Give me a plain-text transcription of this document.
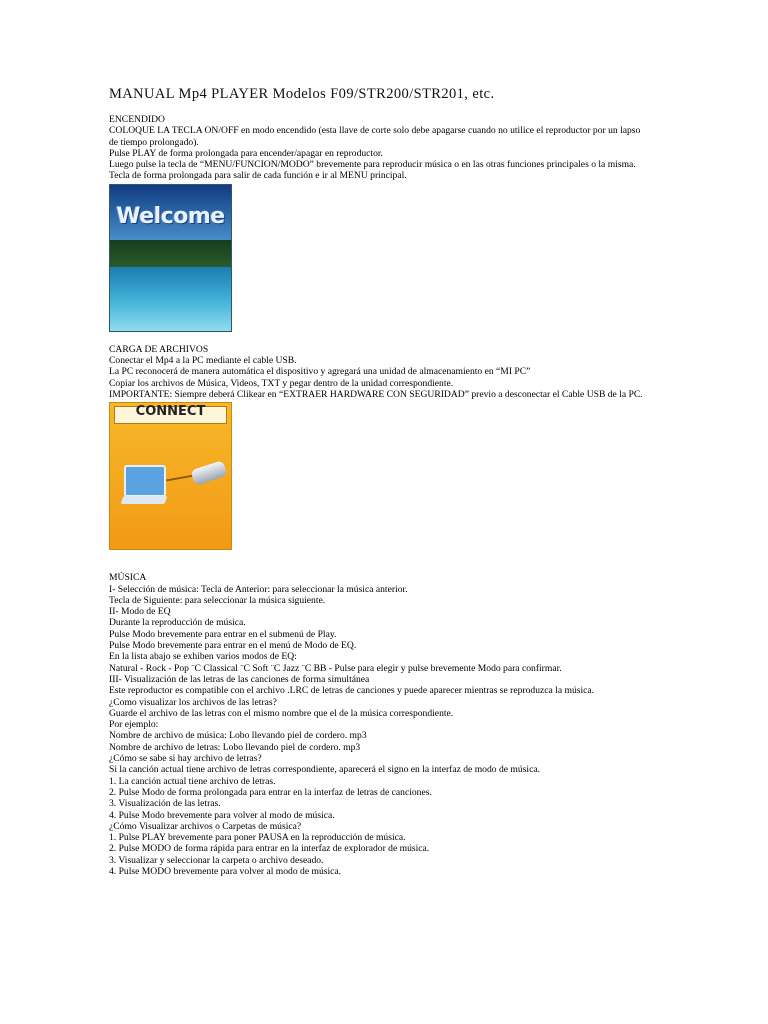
MANUAL Mp4 PLAYER Modelos F09/STR200/STR201, etc.

ENCENDIDO

COLOQUE LA TECLA ON/OFF en modo encendido (esta llave de corte solo debe apagarse cuando no utilice el reproductor por un lapso de tiempo prolongado).

Pulse PLAY de forma prolongada para encender/apagar en reproductor.

Luego pulse la tecla de “MENU/FUNCION/MODO” brevemente para reproducir música o en las otras funciones principales o la misma. Tecla de forma prolongada para salir de cada función e ir al MENU principal.

Welcome

CARGA DE ARCHIVOS

Conectar el Mp4 a la PC mediante el cable USB.

La PC reconocerá de manera automática el dispositivo y agregará una unidad de almacenamiento en “MI PC”

Copiar los archivos de Música, Videos, TXT y pegar dentro de la unidad correspondiente.

IMPORTANTE: Siempre deberá Clikear en “EXTRAER HARDWARE CON SEGURIDAD” previo a desconectar el Cable USB de la PC.

CONNECT

MÚSICA

I- Selección de música: Tecla de Anterior: para seleccionar la música anterior.

Tecla de Siguiente: para seleccionar la música siguiente.

II- Modo de EQ

Durante la reproducción de música.

Pulse Modo brevemente para entrar en el submenú de Play.

Pulse Modo brevemente para entrar en el menú de Modo de EQ.

En la lista abajo se exhiben varios modos de EQ:

Natural - Rock - Pop ¨C Classical ¨C Soft ¨C Jazz ¨C BB - Pulse para elegir y pulse brevemente Modo para confirmar.

III- Visualización de las letras de las canciones de forma simultánea

Este reproductor es compatible con el archivo .LRC de letras de canciones y puede aparecer mientras se reproduzca la música.

¿Como visualizar los archivos de las letras?

Guarde el archivo de las letras con el mismo nombre que el de la música correspondiente.

Por ejemplo:

Nombre de archivo de música: Lobo llevando piel de cordero. mp3

Nombre de archivo de letras: Lobo llevando piel de cordero. mp3

¿Cómo se sabe si hay archivo de letras?

Si la canción actual tiene archivo de letras correspondiente, aparecerá el signo en la interfaz de modo de música.

1. La canción actual tiene archivo de letras.

2. Pulse Modo de forma prolongada para entrar en la interfaz de letras de canciones.

3. Visualización de las letras.

4. Pulse Modo brevemente para volver al modo de música.

¿Cómo Visualizar archivos o Carpetas de música?

1. Pulse PLAY brevemente para poner PAUSA en la reproducción de música.

2. Pulse MODO de forma rápida para entrar en la interfaz de explorador de música.

3. Visualizar y seleccionar la carpeta o archivo deseado.

4. Pulse MODO brevemente para volver al modo de música.
